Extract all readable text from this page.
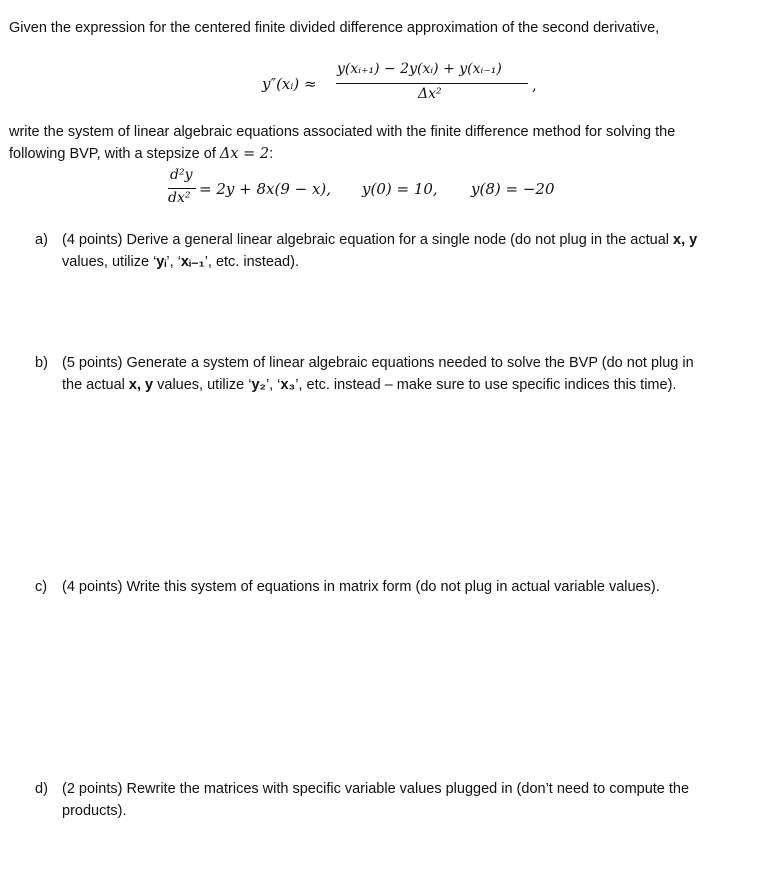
Given the expression for the centered finite divided difference approximation of the second derivative,
y″(xᵢ) ≈
y(xᵢ₊₁) − 2y(xᵢ) + y(xᵢ₋₁)
Δx²	,
write the system of linear algebraic equations associated with the finite difference method for solving the
following BVP, with a stepsize of Δx = 2:
d²y
dx² = 2y + 8x(9 − x), y(0) = 10, y(8) = −20
a) (4 points) Derive a general linear algebraic equation for a single node (do not plug in the actual x, y
values, utilize ‘yᵢ’, ‘xᵢ₋₁’, etc. instead).
b) (5 points) Generate a system of linear algebraic equations needed to solve the BVP (do not plug in
the actual x, y values, utilize ‘y₂’, ‘x₃’, etc. instead – make sure to use specific indices this time).
c) (4 points) Write this system of equations in matrix form (do not plug in actual variable values).
d) (2 points) Rewrite the matrices with specific variable values plugged in (don’t need to compute the
products).
